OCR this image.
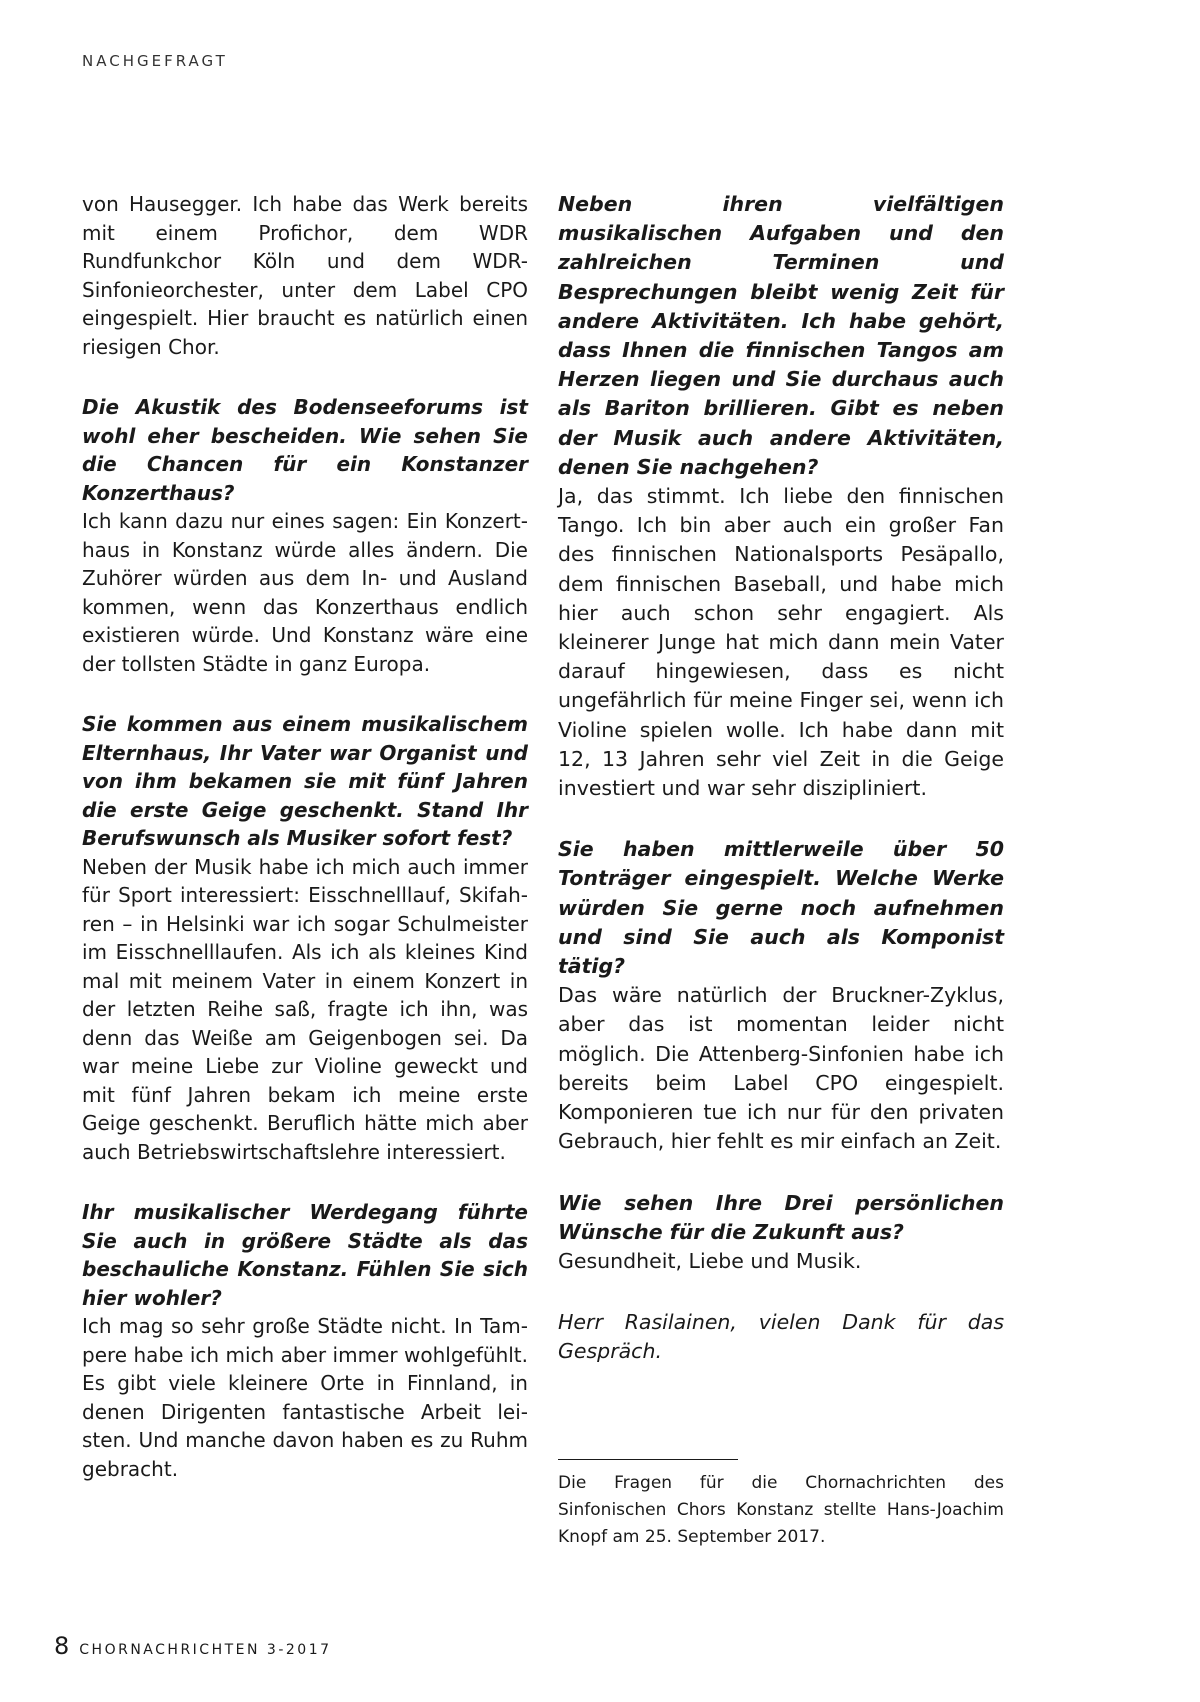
NACHGEFRAGT

von Hausegger. Ich habe das Werk bereits mit einem Profichor, dem WDR Rundfunkchor Köln und dem WDR-Sinfonieorchester, unter dem Label CPO eingespielt. Hier braucht es natürlich einen riesigen Chor.

Die Akustik des Bodenseeforums ist wohl eher bescheiden. Wie sehen Sie die Chancen für ein Konstanzer Konzerthaus?
Ich kann dazu nur eines sagen: Ein Konzerthaus in Konstanz würde alles ändern. Die Zuhörer würden aus dem In- und Ausland kommen, wenn das Konzerthaus endlich existieren würde. Und Konstanz wäre eine der tollsten Städte in ganz Europa.

Sie kommen aus einem musikalischem Elternhaus, Ihr Vater war Organist und von ihm bekamen sie mit fünf Jahren die erste Geige geschenkt. Stand Ihr Berufswunsch als Musiker sofort fest?
Neben der Musik habe ich mich auch immer für Sport interessiert: Eisschnelllauf, Skifahren – in Helsinki war ich sogar Schulmeister im Eisschnelllaufen. Als ich als kleines Kind mal mit meinem Vater in einem Konzert in der letzten Reihe saß, fragte ich ihn, was denn das Weiße am Geigenbogen sei. Da war meine Liebe zur Violine geweckt und mit fünf Jahren bekam ich meine erste Geige geschenkt. Beruflich hätte mich aber auch Betriebswirtschaftslehre interessiert.

Ihr musikalischer Werdegang führte Sie auch in größere Städte als das beschauliche Konstanz. Fühlen Sie sich hier wohler?
Ich mag so sehr große Städte nicht. In Tampere habe ich mich aber immer wohlgefühlt. Es gibt viele kleinere Orte in Finnland, in denen Dirigenten fantastische Arbeit leisten. Und manche davon haben es zu Ruhm gebracht.

Neben ihren vielfältigen musikalischen Aufgaben und den zahlreichen Terminen und Besprechungen bleibt wenig Zeit für andere Aktivitäten. Ich habe gehört, dass Ihnen die finnischen Tangos am Herzen liegen und Sie durchaus auch als Bariton brillieren. Gibt es neben der Musik auch andere Aktivitäten, denen Sie nachgehen?
Ja, das stimmt. Ich liebe den finnischen Tango. Ich bin aber auch ein großer Fan des finnischen Nationalsports Pesäpallo, dem finnischen Baseball, und habe mich hier auch schon sehr engagiert. Als kleinerer Junge hat mich dann mein Vater darauf hingewiesen, dass es nicht ungefährlich für meine Finger sei, wenn ich Violine spielen wolle. Ich habe dann mit 12, 13 Jahren sehr viel Zeit in die Geige investiert und war sehr diszipliniert.

Sie haben mittlerweile über 50 Tonträger eingespielt. Welche Werke würden Sie gerne noch aufnehmen und sind Sie auch als Komponist tätig?
Das wäre natürlich der Bruckner-Zyklus, aber das ist momentan leider nicht möglich. Die Attenberg-Sinfonien habe ich bereits beim Label CPO eingespielt. Komponieren tue ich nur für den privaten Gebrauch, hier fehlt es mir einfach an Zeit.

Wie sehen Ihre Drei persönlichen Wünsche für die Zukunft aus?
Gesundheit, Liebe und Musik.

Herr Rasilainen, vielen Dank für das Gespräch.

Die Fragen für die Chornachrichten des Sinfonischen Chors Konstanz stellte Hans-Joachim Knopf am 25. September 2017.
8 CHORNACHRICHTEN 3-2017
